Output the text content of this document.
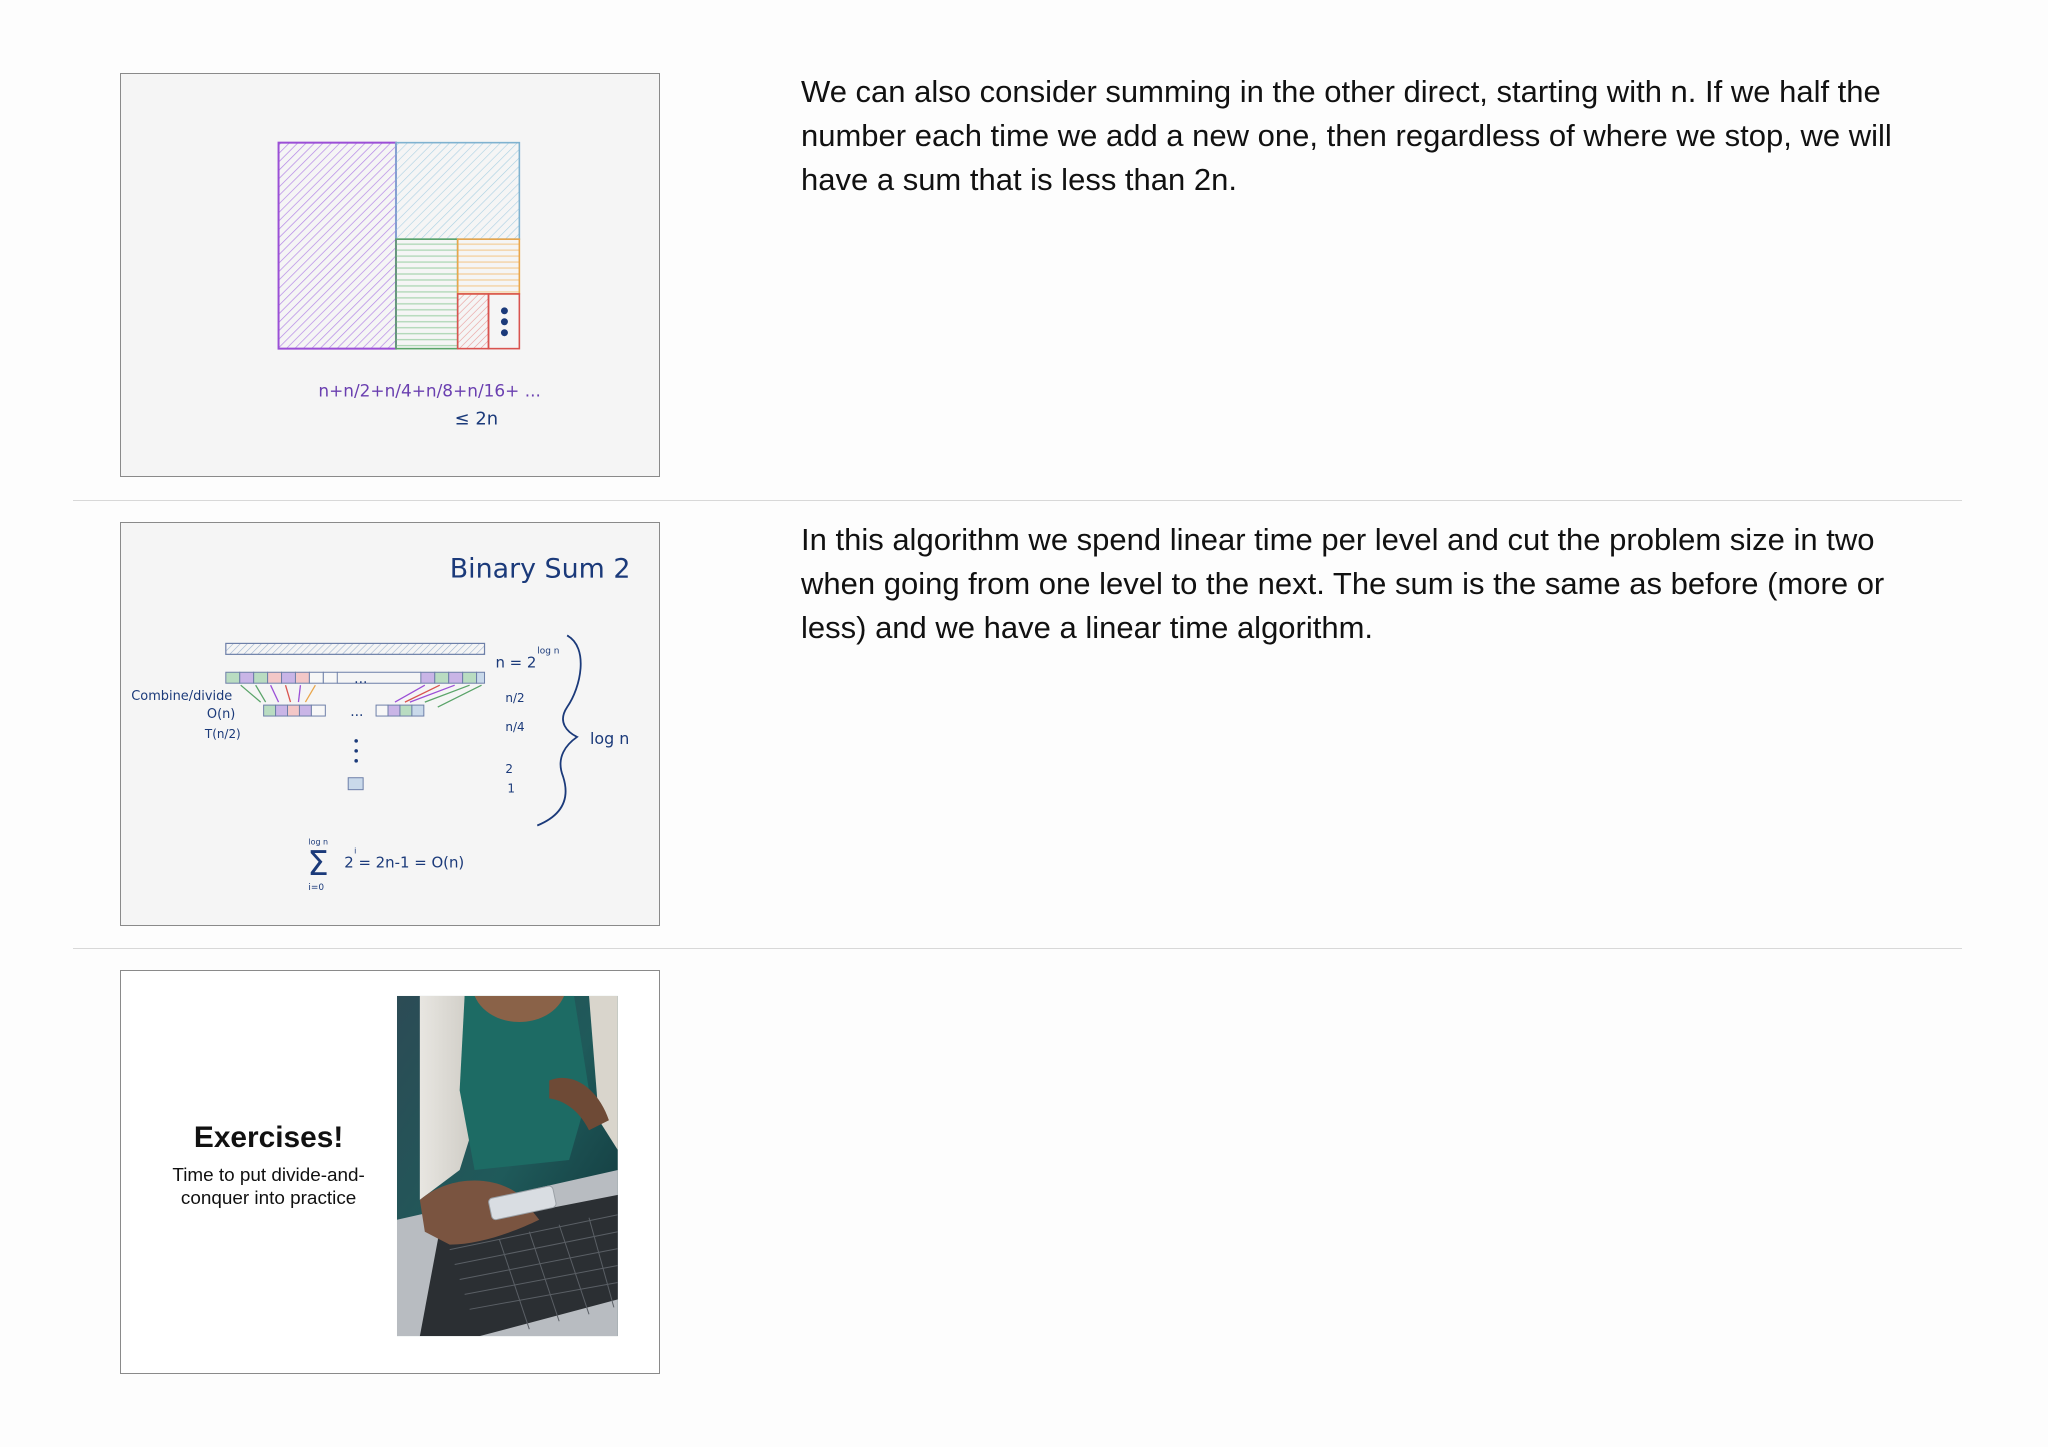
n+n/2+n/4+n/8+n/16+ ...
≤ 2n
We can also consider summing in the other direct, starting with n. If we half the number each time we add a new one, then regardless of where we stop, we will have a sum that is less than 2n.
Binary Sum 2
...
...
Combine/divide
O(n)
T(n/2)
n = 2
log n
n/2
n/4
2
1
log n
log n
Σ
i=0
i
2 = 2n-1 = O(n)
In this algorithm we spend linear time per level and cut the problem size in two when going from one level to the next. The sum is the same as before (more or less) and we have a linear time algorithm.
Exercises!
Time to put divide-and-
conquer into practice
